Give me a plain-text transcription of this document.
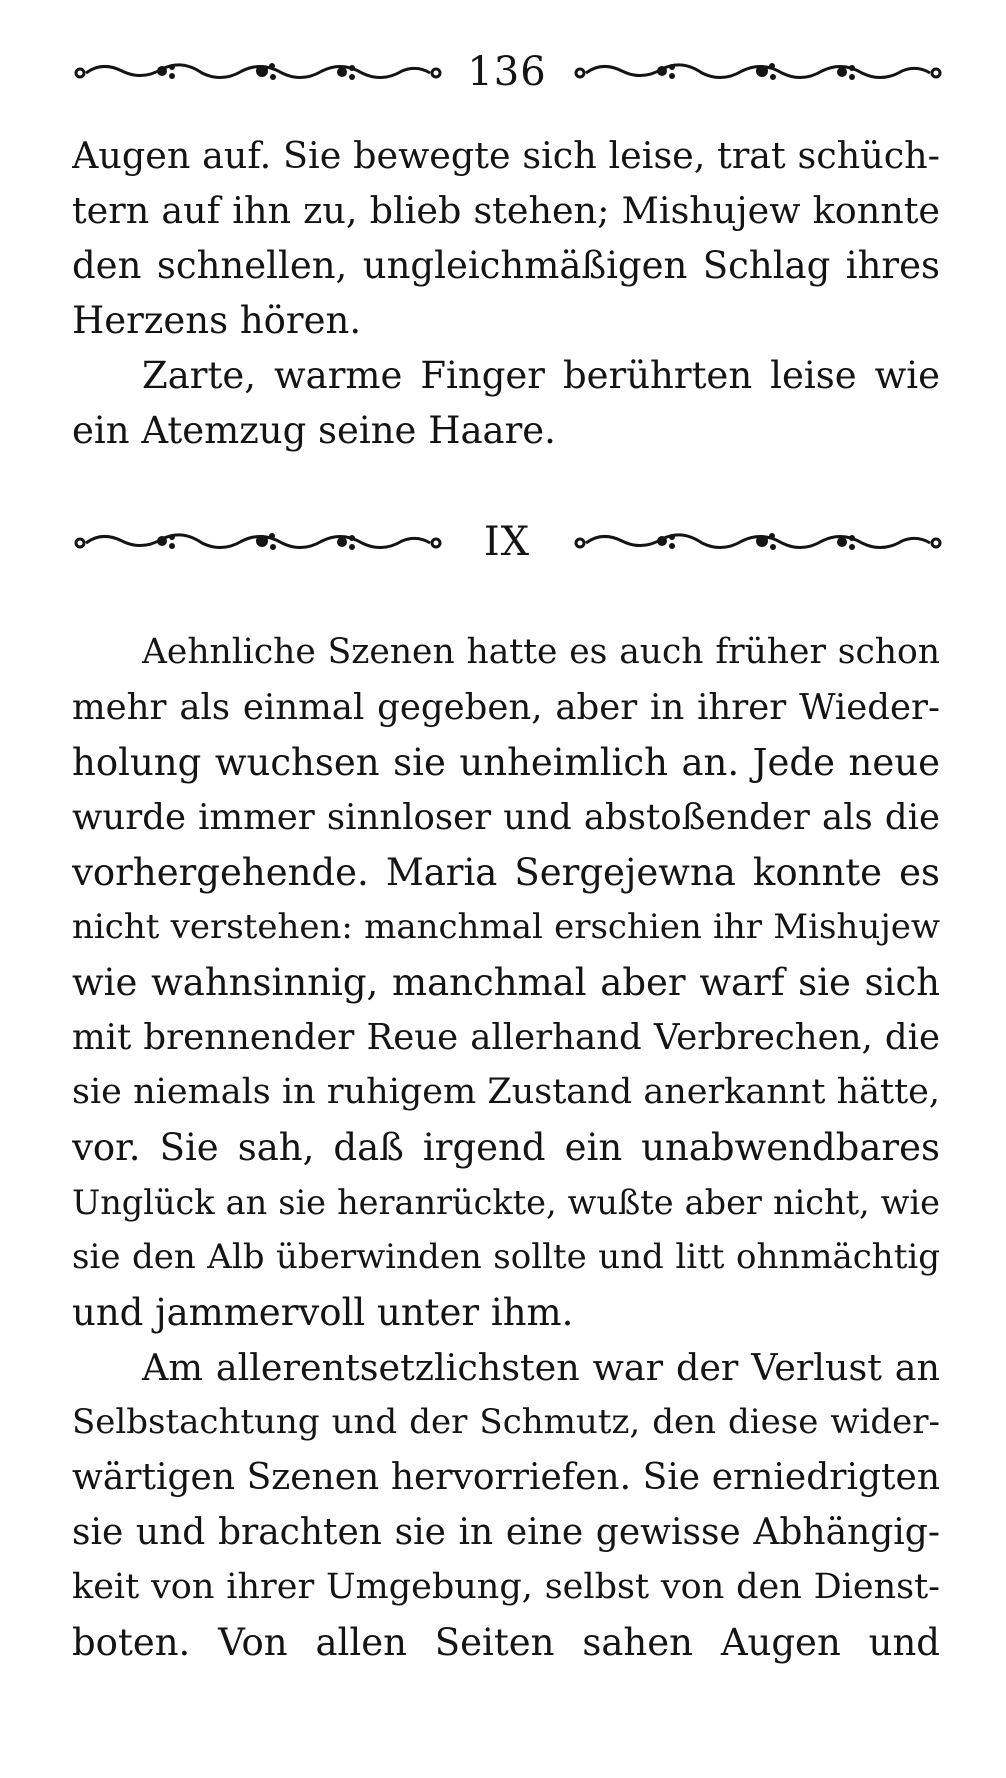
136
Augen auf. Sie bewegte sich leise, trat schüch-
tern auf ihn zu, blieb stehen; Mishujew konnte
den schnellen, ungleichmäßigen Schlag ihres
Herzens hören.
Zarte, warme Finger berührten leise wie
ein Atemzug seine Haare.
IX
Aehnliche Szenen hatte es auch früher schon
mehr als einmal gegeben, aber in ihrer Wieder-
holung wuchsen sie unheimlich an. Jede neue
wurde immer sinnloser und abstoßender als die
vorhergehende. Maria Sergejewna konnte es
nicht verstehen: manchmal erschien ihr Mishujew
wie wahnsinnig, manchmal aber warf sie sich
mit brennender Reue allerhand Verbrechen, die
sie niemals in ruhigem Zustand anerkannt hätte,
vor. Sie sah, daß irgend ein unabwendbares
Unglück an sie heranrückte, wußte aber nicht, wie
sie den Alb überwinden sollte und litt ohnmächtig
und jammervoll unter ihm.
Am allerentsetzlichsten war der Verlust an
Selbstachtung und der Schmutz, den diese wider-
wärtigen Szenen hervorriefen. Sie erniedrigten
sie und brachten sie in eine gewisse Abhängig-
keit von ihrer Umgebung, selbst von den Dienst-
boten. Von allen Seiten sahen Augen und
